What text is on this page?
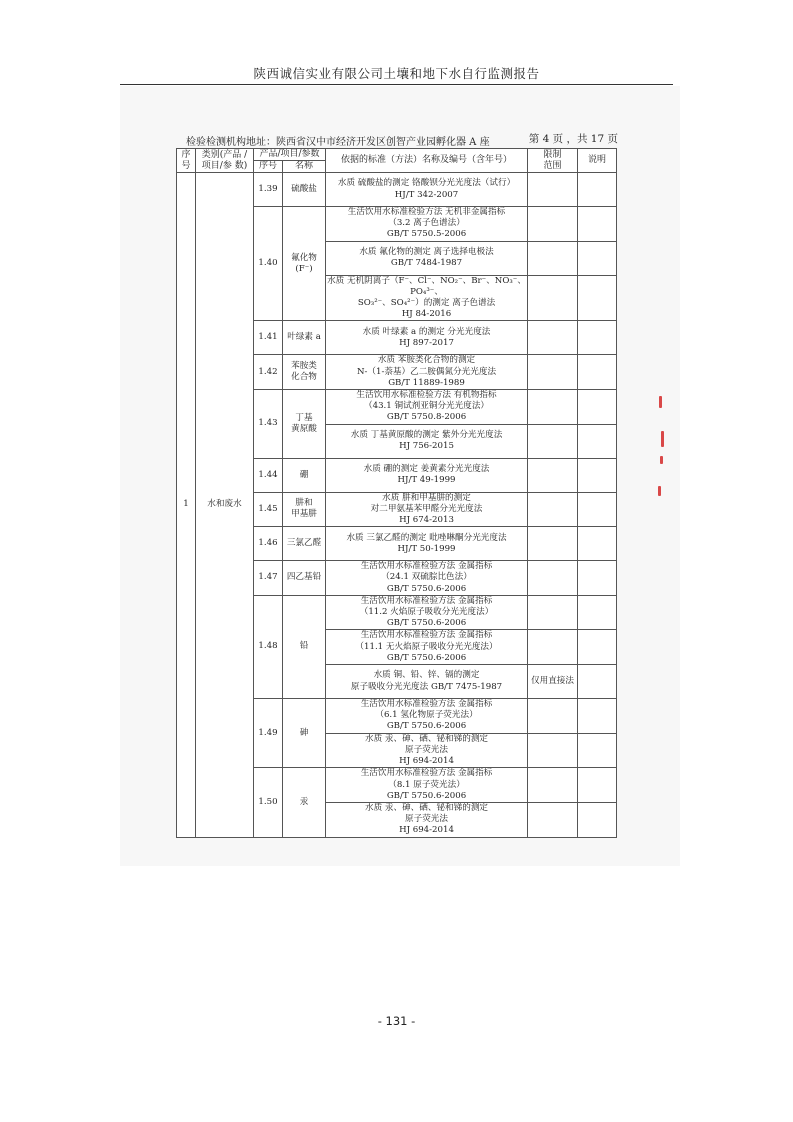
陕西诚信实业有限公司土壤和地下水自行监测报告
检验检测机构地址：陕西省汉中市经济开发区创智产业园孵化器 A 座	第 4 页 ，共 17 页
序
号	类别(产品 /
项目/参 数)	产品/项目/参数		依据的标准（方法）名称及编号（含年号）	限制
范围	说明
		序号	名称			
1	水和废水	1.39	硫酸盐	水质 硫酸盐的测定 铬酸钡分光光度法（试行）
HJ/T 342-2007		
		1.40	氟化物(F⁻)	生活饮用水标准检验方法 无机非金属指标
（3.2 离子色谱法）
GB/T 5750.5-2006		
				水质 氟化物的测定 离子选择电极法
GB/T 7484-1987		
				水质 无机阴离子（F⁻、Cl⁻、NO₂⁻、Br⁻、NO₃⁻、PO₄³⁻、
SO₃²⁻、SO₄²⁻）的测定 离子色谱法
HJ 84-2016		
		1.41	叶绿素 a	水质 叶绿素 a 的测定 分光光度法
HJ 897-2017		
		1.42	苯胺类
化合物	水质 苯胺类化合物的测定
N-（1-萘基）乙二胺偶氮分光光度法
GB/T 11889-1989		
		1.43	丁基
黄原酸	生活饮用水标准检验方法 有机物指标
（43.1 铜试剂亚铜分光光度法）
GB/T 5750.8-2006		
				水质 丁基黄原酸的测定 紫外分光光度法
HJ 756-2015		
		1.44	硼	水质 硼的测定 姜黄素分光光度法
HJ/T 49-1999		
		1.45	肼和
甲基肼	水质 肼和甲基肼的测定
对二甲氨基苯甲醛分光光度法
HJ 674-2013		
		1.46	三氯乙醛	水质 三氯乙醛的测定 吡唑啉酮分光光度法
HJ/T 50-1999		
		1.47	四乙基铅	生活饮用水标准检验方法 金属指标
（24.1 双硫腙比色法）
GB/T 5750.6-2006		
		1.48	铅	生活饮用水标准检验方法 金属指标
（11.2 火焰原子吸收分光光度法）
GB/T 5750.6-2006		
				生活饮用水标准检验方法 金属指标
（11.1 无火焰原子吸收分光光度法）
GB/T 5750.6-2006		
				水质 铜、铅、锌、镉的测定
原子吸收分光光度法 GB/T 7475-1987	仅用直接法	
		1.49	砷	生活饮用水标准检验方法 金属指标
（6.1 氢化物原子荧光法）
GB/T 5750.6-2006		
				水质 汞、砷、硒、铋和锑的测定
原子荧光法
HJ 694-2014		
		1.50	汞	生活饮用水标准检验方法 金属指标
（8.1 原子荧光法）
GB/T 5750.6-2006		
				水质 汞、砷、硒、铋和锑的测定
原子荧光法
HJ 694-2014		
- 131 -
